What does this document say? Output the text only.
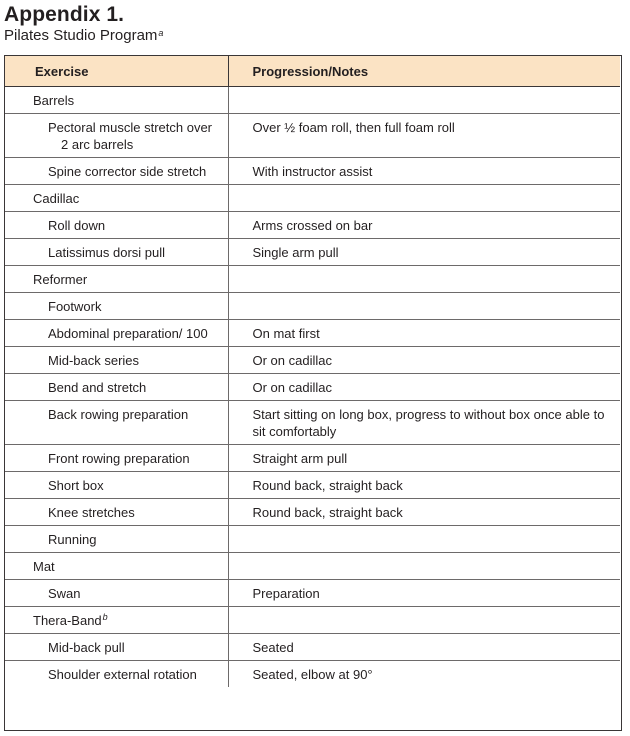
Appendix 1.
Pilates Studio Program$^a$
Exercise	Progression/Notes

Barrels	

Pectoral muscle stretch over 2 arc barrels	Over ½ foam roll, then full foam roll

Spine corrector side stretch	With instructor assist

Cadillac	

Roll down	Arms crossed on bar

Latissimus dorsi pull	Single arm pull

Reformer	

Footwork	

Abdominal preparation/ 100	On mat first

Mid-back series	Or on cadillac

Bend and stretch	Or on cadillac

Back rowing preparation	Start sitting on long box, progress to without box once able to sit comfortably

Front rowing preparation	Straight arm pull

Short box	Round back, straight back

Knee stretches	Round back, straight back

Running	

Mat	

Swan	Preparation

Thera-Band$^b$

Mid-back pull	Seated

Shoulder external rotation	Seated, elbow at 90°
